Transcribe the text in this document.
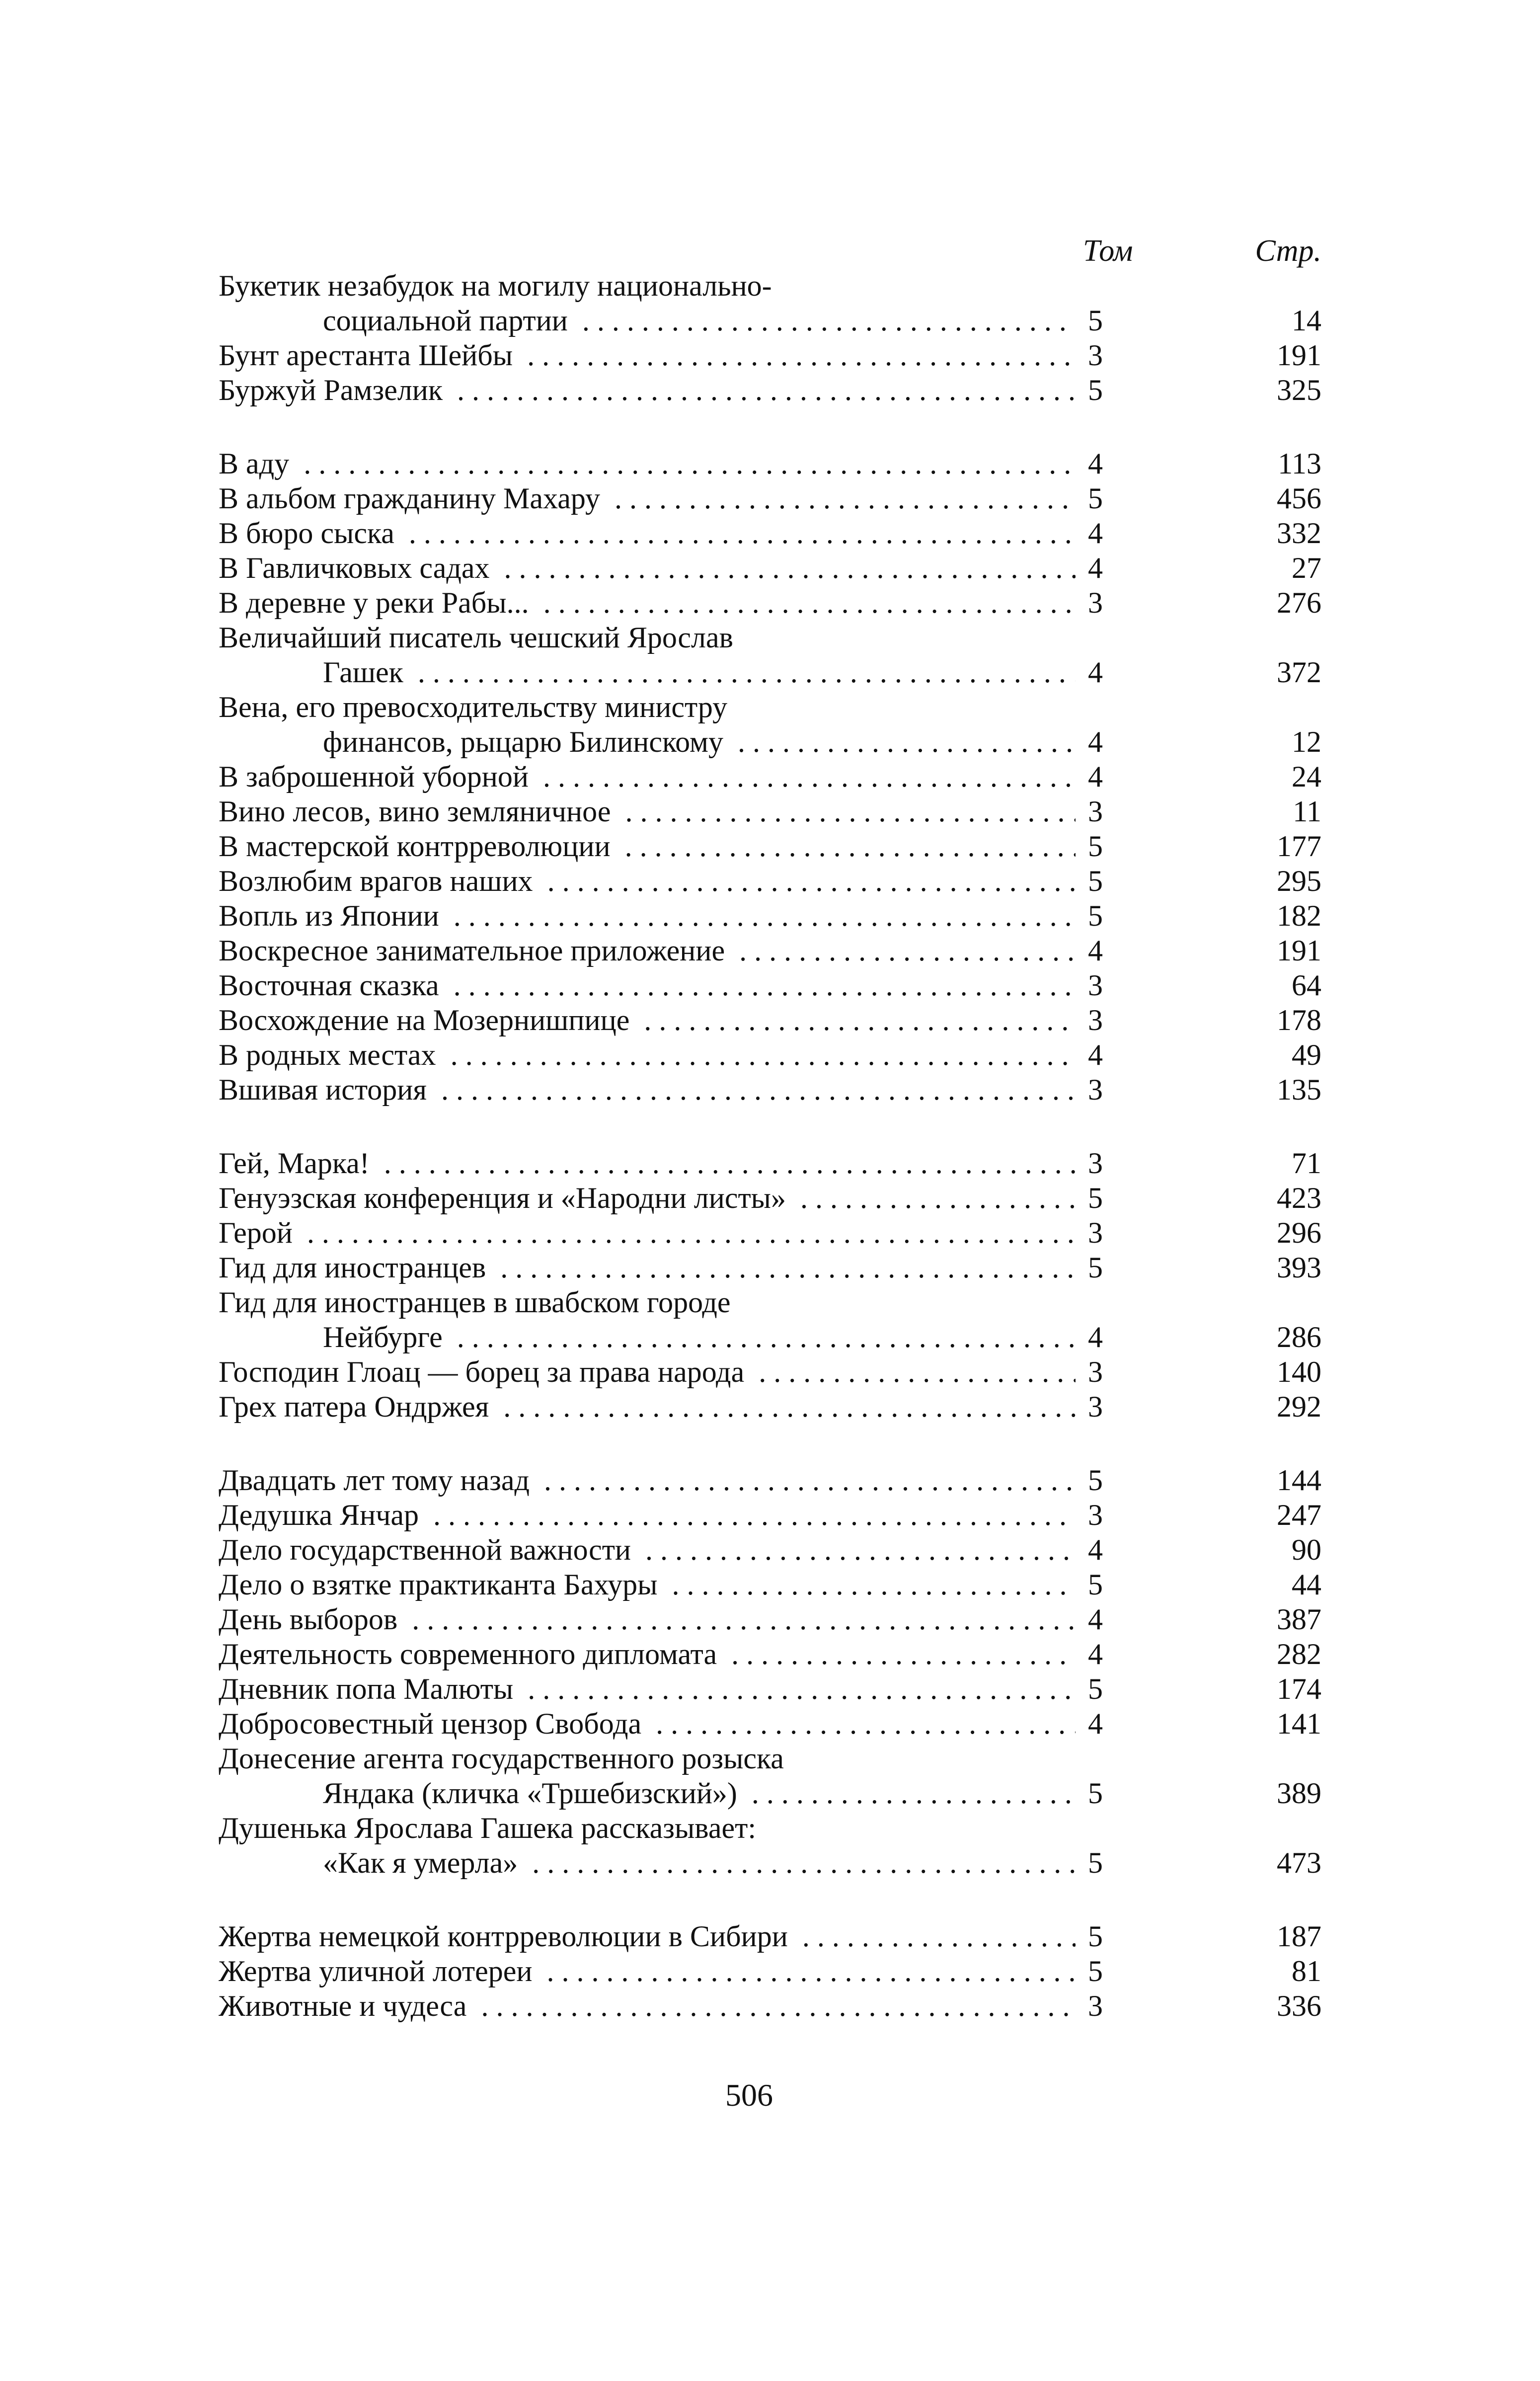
Том	Стр.
Букетик незабудок на могилу национально-
социальной партии . . .	5	14
Бунт арестанта Шейбы . . .	3	191
Буржуй Рамзелик . . .	5	325
В аду . . .	4	113
В альбом гражданину Махару . . .	5	456
В бюро сыска . . .	4	332
В Гавличковых садах . . .	4	27
В деревне у реки Рабы... . . .	3	276
Величайший писатель чешский Ярослав
Гашек . . .	4	372
Вена, его превосходительству министру
финансов, рыцарю Билинскому . . .	4	12
В заброшенной уборной . . .	4	24
Вино лесов, вино земляничное . . .	3	11
В мастерской контрреволюции . . .	5	177
Возлюбим врагов наших . . .	5	295
Вопль из Японии . . .	5	182
Воскресное занимательное приложение . . .	4	191
Восточная сказка . . .	3	64
Восхождение на Мозернишпице . . .	3	178
В родных местах . . .	4	49
Вшивая история . . .	3	135
Гей, Марка! . . .	3	71
Генуэзская конференция и «Народни листы» . . .	5	423
Герой . . .	3	296
Гид для иностранцев . . .	5	393
Гид для иностранцев в швабском городе
Нейбурге . . .	4	286
Господин Глоац — борец за права народа . . .	3	140
Грех патера Ондржея . . .	3	292
Двадцать лет тому назад . . .	5	144
Дедушка Янчар . . .	3	247
Дело государственной важности . . .	4	90
Дело о взятке практиканта Бахуры . . .	5	44
День выборов . . .	4	387
Деятельность современного дипломата . . .	4	282
Дневник попа Малюты . . .	5	174
Добросовестный цензор Свобода . . .	4	141
Донесение агента государственного розыска
Яндака (кличка «Тршебизский») . . .	5	389
Душенька Ярослава Гашека рассказывает:
«Как я умерла» . . .	5	473
Жертва немецкой контрреволюции в Сибири . . .	5	187
Жертва уличной лотереи . . .	5	81
Животные и чудеса . . .	3	336
506
